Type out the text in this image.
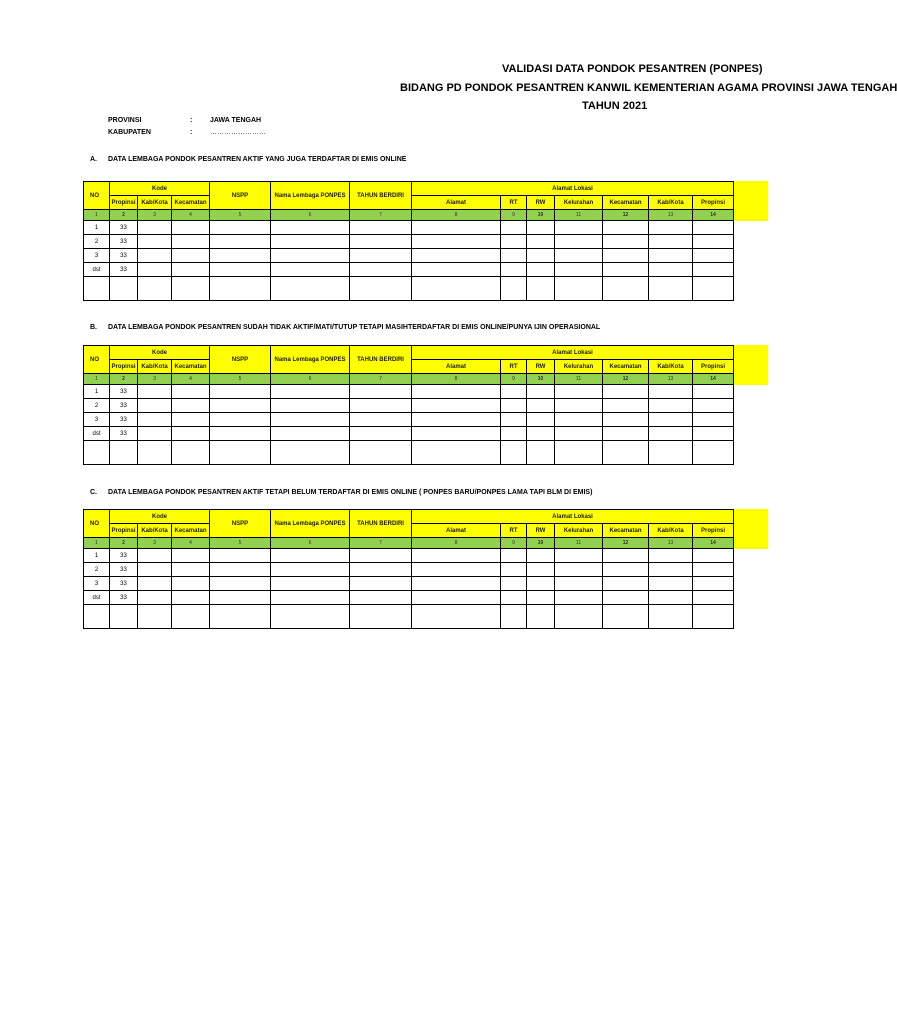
VALIDASI DATA PONDOK PESANTREN (PONPES)
BIDANG PD PONDOK PESANTREN KANWIL KEMENTERIAN AGAMA PROVINSI JAWA TENGAH
TAHUN 2021
PROVINSI	:	JAWA TENGAH
KABUPATEN	:	……………………
A. DATA LEMBAGA PONDOK PESANTREN AKTIF YANG JUGA TERDAFTAR DI EMIS ONLINE
NO	Kode			NSPP	Nama Lembaga PONPES	TAHUN BERDIRI	Alamat Lokasi						
	Propinsi	Kab/Kota	Kecamatan				Alamat	RT	RW	Kelurahan	Kecamatan	Kab/Kota	Propinsi
1	2	3	4	5	6	7	8	9	10	11	12	13	14
1	33												
2	33												
3	33												
dst	33												

B. DATA LEMBAGA PONDOK PESANTREN SUDAH TIDAK AKTIF/MATI/TUTUP TETAPI MASIHTERDAFTAR DI EMIS ONLINE/PUNYA IJIN OPERASIONAL
NO	Kode			NSPP	Nama Lembaga PONPES	TAHUN BERDIRI	Alamat Lokasi						
	Propinsi	Kab/Kota	Kecamatan				Alamat	RT	RW	Kelurahan	Kecamatan	Kab/Kota	Propinsi
1	2	3	4	5	6	7	8	9	10	11	12	13	14
1	33												
2	33												
3	33												
dst	33												

C. DATA LEMBAGA PONDOK PESANTREN AKTIF TETAPI BELUM TERDAFTAR DI EMIS ONLINE ( PONPES BARU/PONPES LAMA TAPI BLM DI EMIS)
NO	Kode			NSPP	Nama Lembaga PONPES	TAHUN BERDIRI	Alamat Lokasi						
	Propinsi	Kab/Kota	Kecamatan				Alamat	RT	RW	Kelurahan	Kecamatan	Kab/Kota	Propinsi
1	2	3	4	5	6	7	8	9	10	11	12	13	14
1	33												
2	33												
3	33												
dst	33												
